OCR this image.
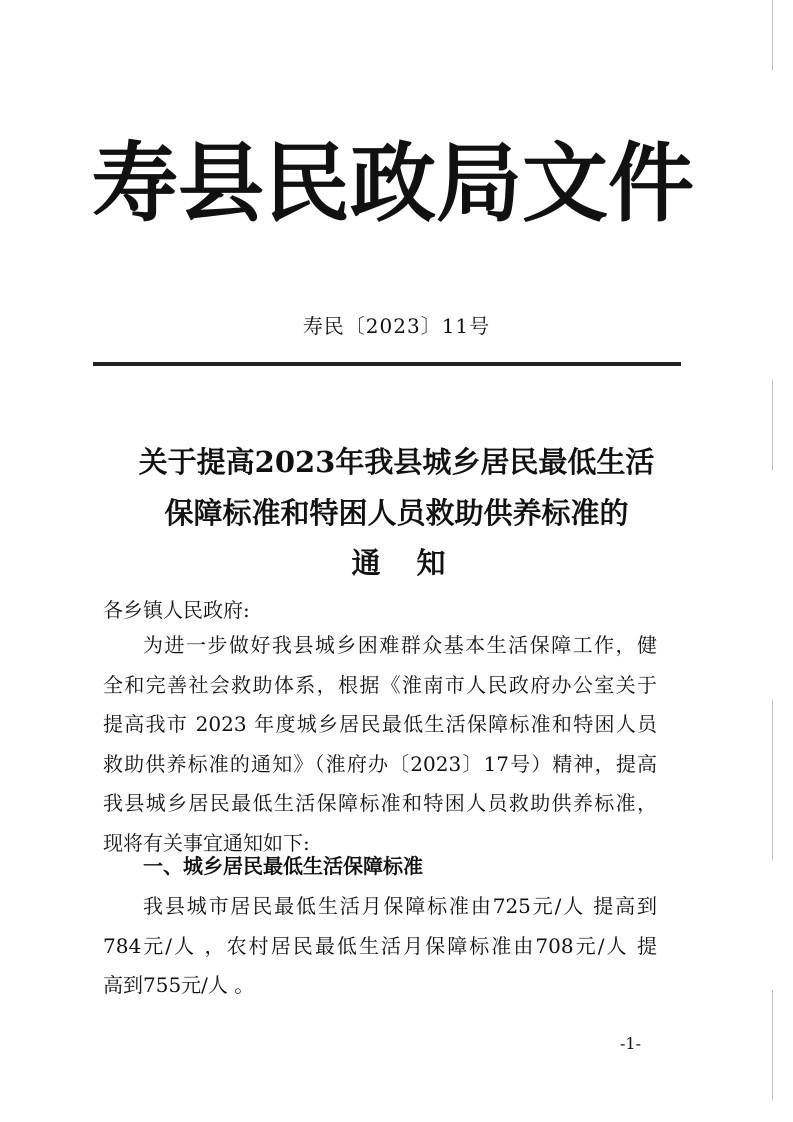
寿 县 民 政 局 文 件
寿民〔2023〕11号
关于提高2023年我县城乡居民最低生活
保障标准和特困人员救助供养标准的
通知
各乡镇人民政府:
为进一步做好我县城乡困难群众基本生活保障工作，健
全和完善社会救助体系，根据《淮南市人民政府办公室关于
提高我市 2023 年度城乡居民最低生活保障标准和特困人员
救助供养标准的通知》（淮府办〔2023〕17号）精神，提高
我县城乡居民最低生活保障标准和特困人员救助供养标准，
现将有关事宜通知如下:
一、城乡居民最低生活保障标准
我县城市居民最低生活月保障标准由725元/人 提高到
784元/人 ，农村居民最低生活月保障标准由708元/人 提
高到755元/人 。
-1-
